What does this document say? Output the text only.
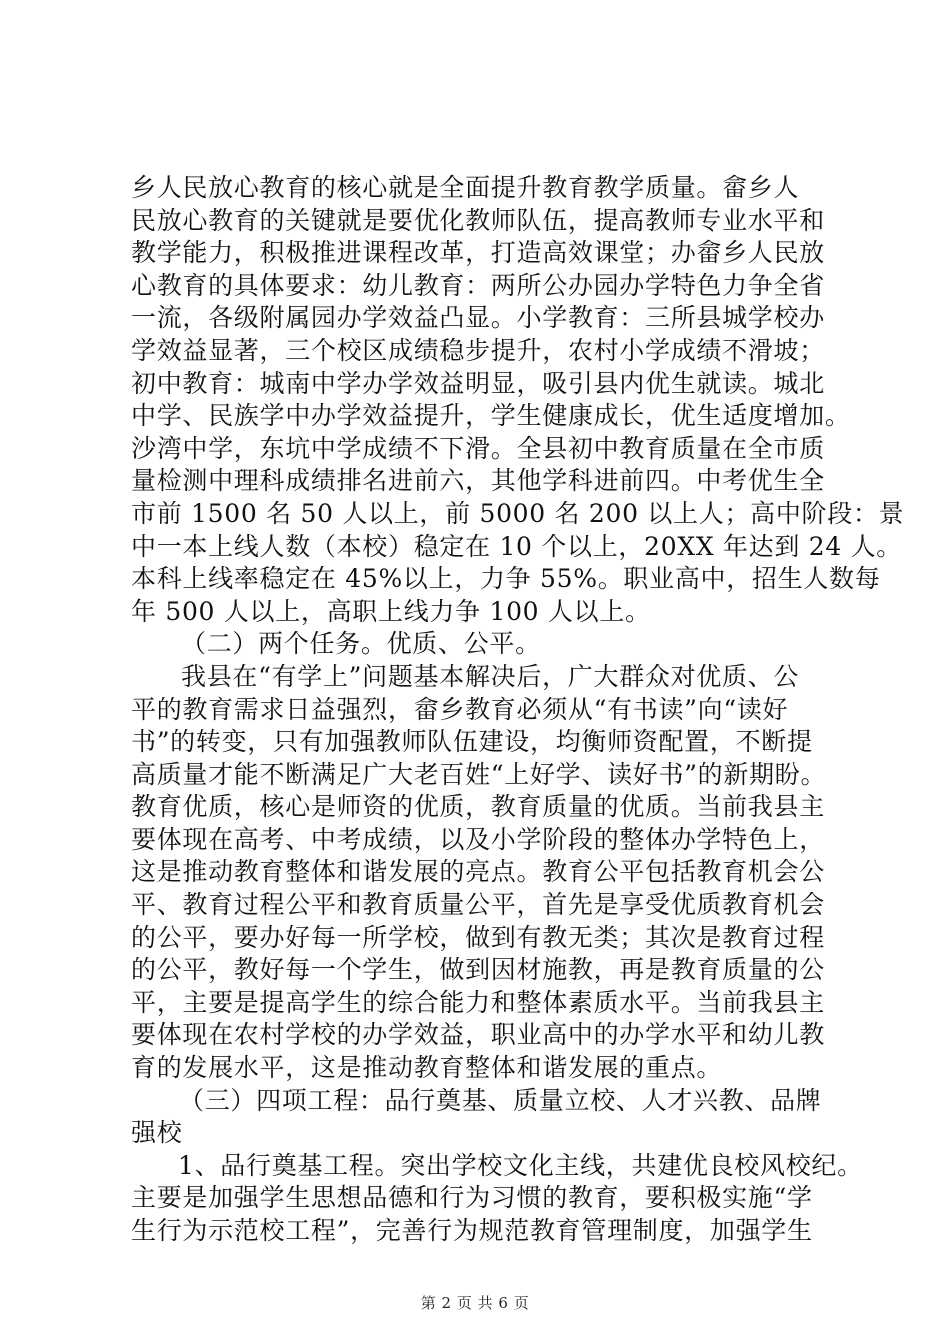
乡人民放心教育的核心就是全面提升教育教学质量。畲乡人
民放心教育的关键就是要优化教师队伍，提高教师专业水平和
教学能力，积极推进课程改革，打造高效课堂；办畲乡人民放
心教育的具体要求：幼儿教育：两所公办园办学特色力争全省
一流，各级附属园办学效益凸显。小学教育：三所县城学校办
学效益显著，三个校区成绩稳步提升，农村小学成绩不滑坡；
初中教育：城南中学办学效益明显，吸引县内优生就读。城北
中学、民族学中办学效益提升，学生健康成长，优生适度增加。
沙湾中学，东坑中学成绩不下滑。全县初中教育质量在全市质
量检测中理科成绩排名进前六，其他学科进前四。中考优生全
市前 1500 名 50 人以上，前 5000 名 200 以上人；高中阶段：景
中一本上线人数（本校）稳定在 10 个以上，20XX 年达到 24 人。
本科上线率稳定在 45%以上，力争 55%。职业高中，招生人数每
年 500 人以上，高职上线力争 100 人以上。
（二）两个任务。优质、公平。
我县在“有学上”问题基本解决后，广大群众对优质、公
平的教育需求日益强烈，畲乡教育必须从“有书读”向“读好
书”的转变，只有加强教师队伍建设，均衡师资配置，不断提
高质量才能不断满足广大老百姓“上好学、读好书”的新期盼。
教育优质，核心是师资的优质，教育质量的优质。当前我县主
要体现在高考、中考成绩，以及小学阶段的整体办学特色上，
这是推动教育整体和谐发展的亮点。教育公平包括教育机会公
平、教育过程公平和教育质量公平，首先是享受优质教育机会
的公平，要办好每一所学校，做到有教无类；其次是教育过程
的公平，教好每一个学生，做到因材施教，再是教育质量的公
平，主要是提高学生的综合能力和整体素质水平。当前我县主
要体现在农村学校的办学效益，职业高中的办学水平和幼儿教
育的发展水平，这是推动教育整体和谐发展的重点。
（三）四项工程：品行奠基、质量立校、人才兴教、品牌
强校
1、品行奠基工程。突出学校文化主线，共建优良校风校纪。
主要是加强学生思想品德和行为习惯的教育，要积极实施“学
生行为示范校工程”，完善行为规范教育管理制度，加强学生
第 2 页 共 6 页
